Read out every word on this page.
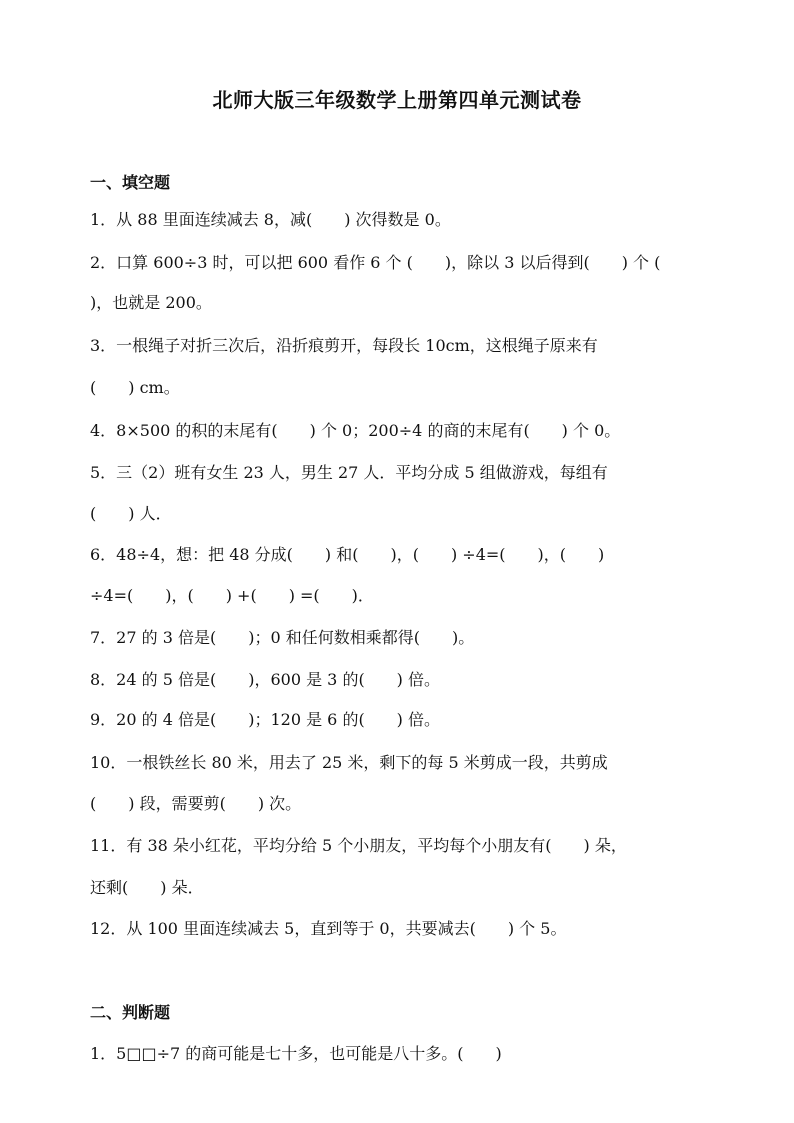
北师大版三年级数学上册第四单元测试卷
一、填空题
1．从 88 里面连续减去 8，减(　　) 次得数是 0。
2．口算 600÷3 时，可以把 600 看作 6 个 (　　)，除以 3 以后得到(　　) 个 (
)，也就是 200。
3．一根绳子对折三次后，沿折痕剪开，每段长 10cm，这根绳子原来有
(　　) cm。
4．8×500 的积的末尾有(　　) 个 0；200÷4 的商的末尾有(　　) 个 0。
5．三（2）班有女生 23 人，男生 27 人．平均分成 5 组做游戏，每组有
(　　) 人．
6．48÷4，想：把 48 分成(　　) 和(　　)，(　　) ÷4=(　　)，(　　)
÷4=(　　)，(　　) +(　　) =(　　)．
7．27 的 3 倍是(　　)；0 和任何数相乘都得(　　)。
8．24 的 5 倍是(　　)，600 是 3 的(　　) 倍。
9．20 的 4 倍是(　　)；120 是 6 的(　　) 倍。
10．一根铁丝长 80 米，用去了 25 米，剩下的每 5 米剪成一段，共剪成
(　　) 段，需要剪(　　) 次。
11．有 38 朵小红花，平均分给 5 个小朋友，平均每个小朋友有(　　) 朵，
还剩(　　) 朵．
12．从 100 里面连续减去 5，直到等于 0，共要减去(　　) 个 5。
二、判断题
1．5□□÷7 的商可能是七十多，也可能是八十多。(　　)
